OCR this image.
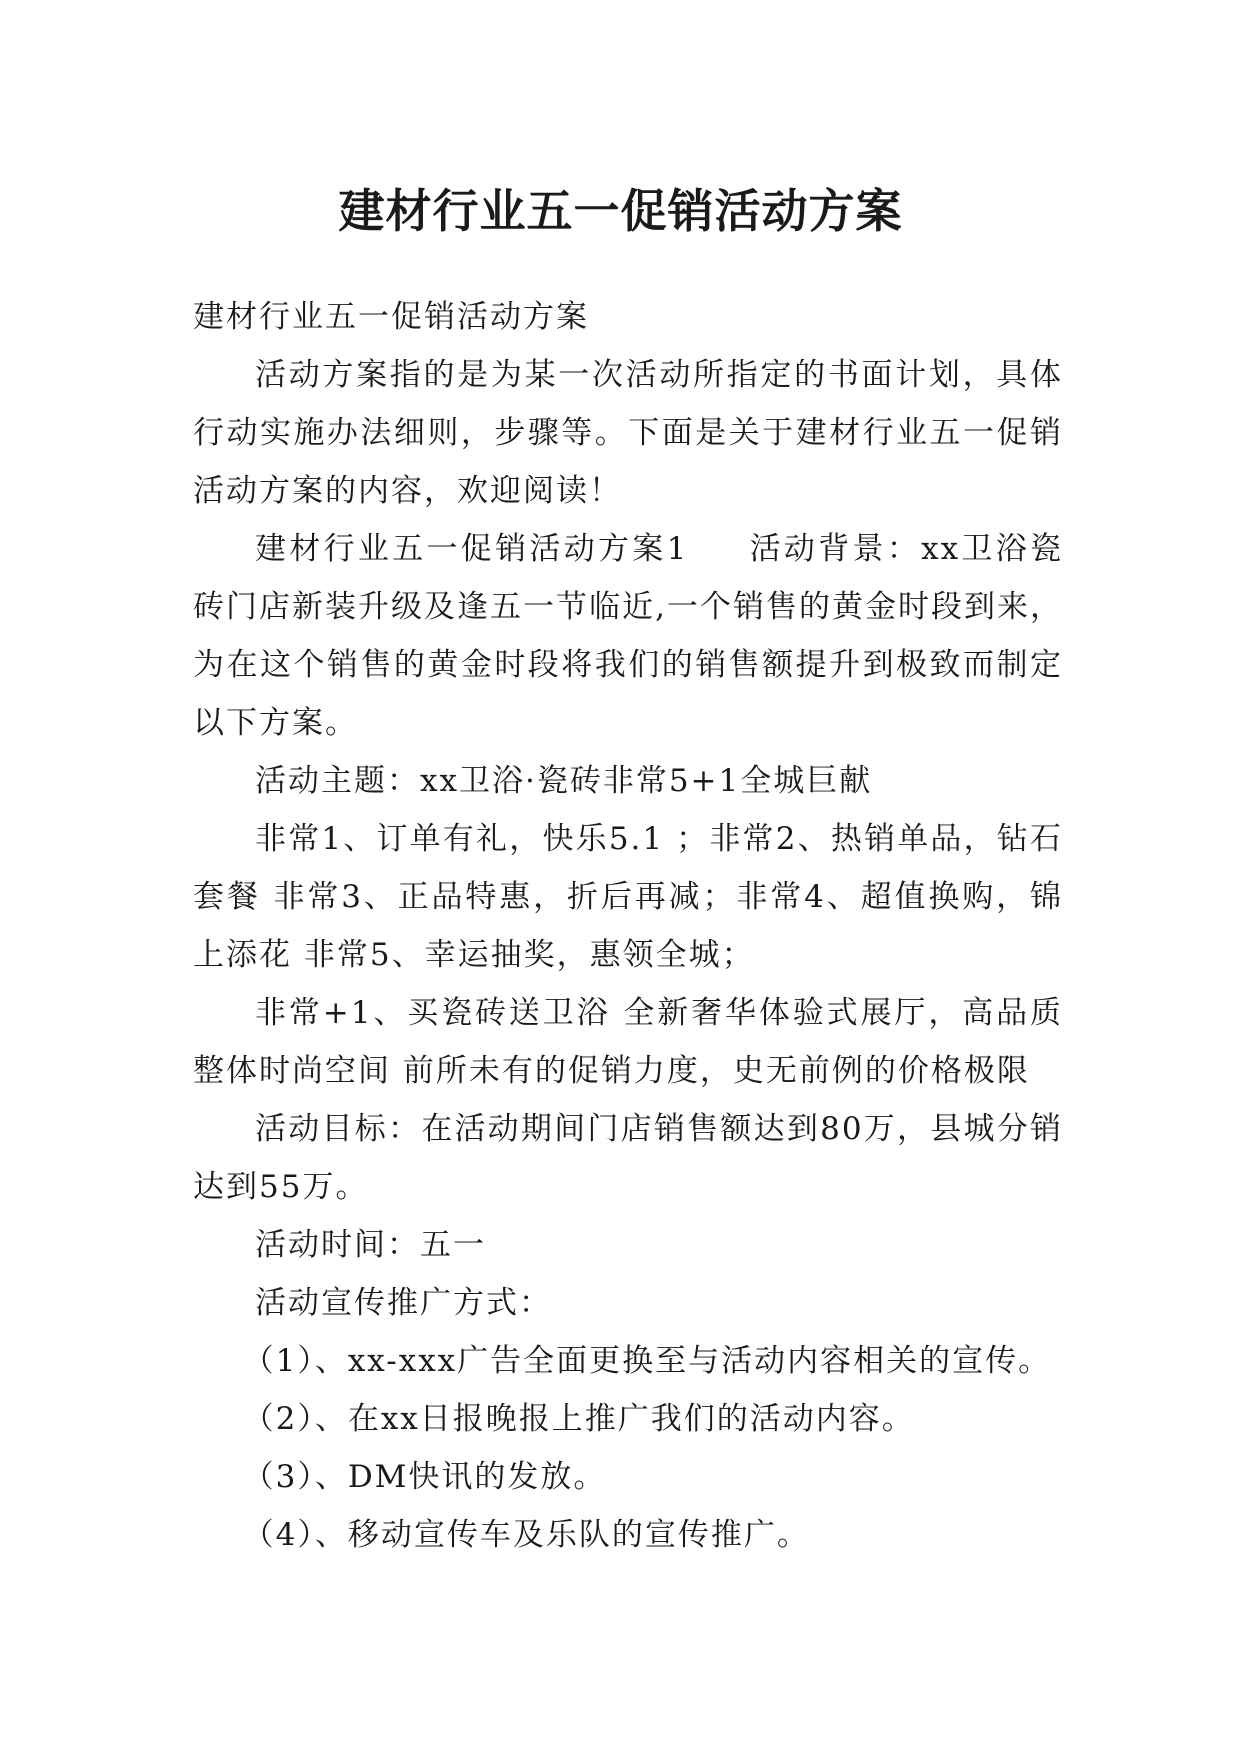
建材行业五一促销活动方案

建材行业五一促销活动方案

活动方案指的是为某一次活动所指定的书面计划，具体行动实施办法细则，步骤等。下面是关于建材行业五一促销活动方案的内容，欢迎阅读！

建材行业五一促销活动方案1 活动背景：xx卫浴瓷砖门店新装升级及逢五一节临近,一个销售的黄金时段到来，为在这个销售的黄金时段将我们的销售额提升到极致而制定以下方案。

活动主题：xx卫浴·瓷砖非常5+1全城巨献

非常1、订单有礼，快乐5.1 ；非常2、热销单品，钻石套餐 非常3、正品特惠，折后再减；非常4、超值换购，锦上添花 非常5、幸运抽奖，惠领全城；

非常+1、买瓷砖送卫浴 全新奢华体验式展厅，高品质整体时尚空间 前所未有的促销力度，史无前例的价格极限

活动目标：在活动期间门店销售额达到80万，县城分销达到55万。

活动时间：五一

活动宣传推广方式：

（1）、xx-xxx广告全面更换至与活动内容相关的宣传。

（2）、在xx日报晚报上推广我们的活动内容。

（3）、DM快讯的发放。

（4）、移动宣传车及乐队的宣传推广。
